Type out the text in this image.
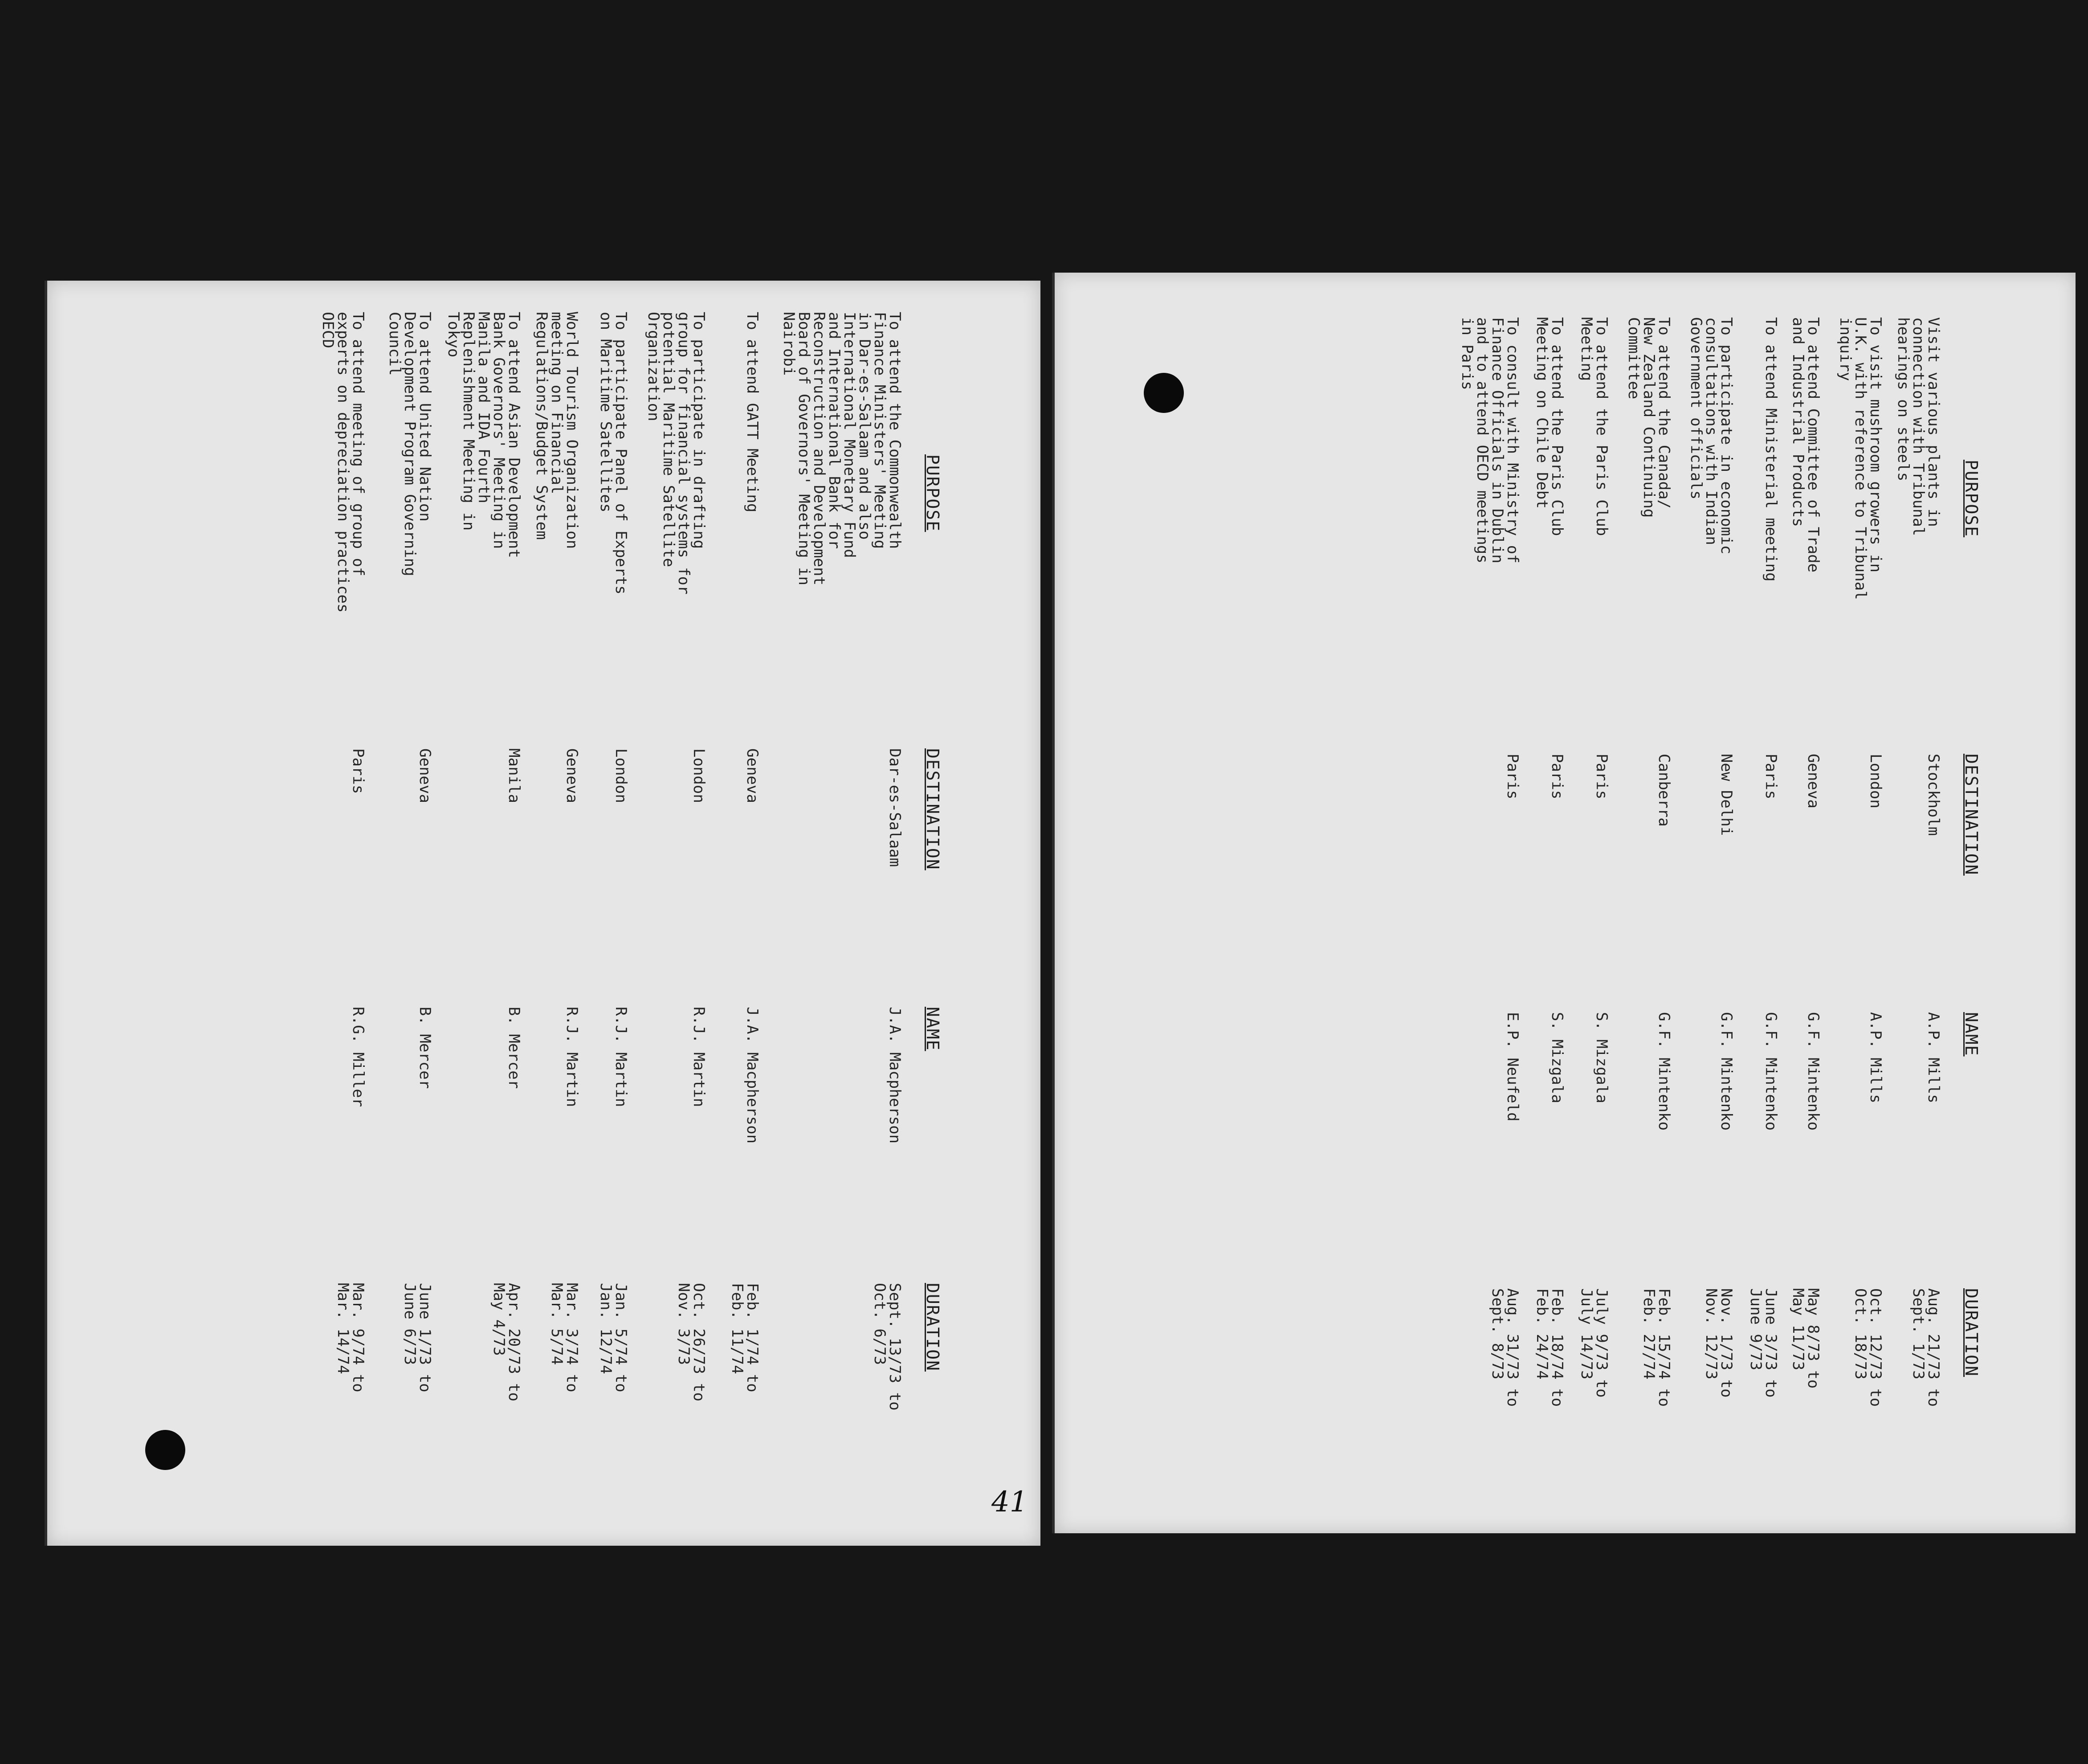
PURPOSE
DESTINATION
NAME
DURATION
To attend the Commonwealth
Finance Ministers' Meeting
in Dar-es-Salaam and also
International Monetary Fund
and International Bank for
Reconstruction and Development
Board of Governors' Meeting in
Nairobi
Dar-es-Salaam
J.A. Macpherson
Sept. 13/73 to
Oct. 6/73
To attend GATT Meeting
Geneva
J.A. Macpherson
Feb. 1/74 to
Feb. 11/74
To participate in drafting
group for financial systems for
potential Maritime Satellite
Organization
London
R.J. Martin
Oct. 26/73 to
Nov. 3/73
To participate Panel of Experts
on Maritime Satellites
London
R.J. Martin
Jan. 5/74 to
Jan. 12/74
World Tourism Organization
meeting on Financial
Regulations/Budget System
Geneva
R.J. Martin
Mar. 3/74 to
Mar. 5/74
To attend Asian Development
Bank Governors' Meeting in
Manila and IDA Fourth
Replenishment Meeting in
Tokyo
Manila
B. Mercer
Apr. 20/73 to
May 4/73
To attend United Nation
Development Program Governing
Council
Geneva
B. Mercer
June 1/73 to
June 6/73
To attend meeting of group of
experts on depreciation practices
OECD
Paris
R.G. Miller
Mar. 9/74 to
Mar. 14/74
41
PURPOSE
DESTINATION
NAME
DURATION
Visit various plants in
connection with Tribunal
hearings on steels
Stockholm
A.P. Mills
Aug. 21/73 to
Sept. 1/73
To visit mushroom growers in
U.K. with reference to Tribunal
inquiry
London
A.P. Mills
Oct. 12/73 to
Oct. 18/73
To attend Committee of Trade
and Industrial Products
Geneva
G.F. Mintenko
May 8/73 to
May 11/73
To attend Ministerial meeting
Paris
G.F. Mintenko
June 3/73 to
June 9/73
To participate in economic
consultations with Indian
Government officials
New Delhi
G.F. Mintenko
Nov. 1/73 to
Nov. 12/73
To attend the Canada/
New Zealand Continuing
Committee
Canberra
G.F. Mintenko
Feb. 15/74 to
Feb. 27/74
To attend the Paris Club
Meeting
Paris
S. Mizgala
July 9/73 to
July 14/73
To attend the Paris Club
Meeting on Chile Debt
Paris
S. Mizgala
Feb. 18/74 to
Feb. 24/74
To consult with Ministry of
Finance Officials in Dublin
and to attend OECD meetings
in Paris
Paris
E.P. Neufeld
Aug. 31/73 to
Sept. 8/73
